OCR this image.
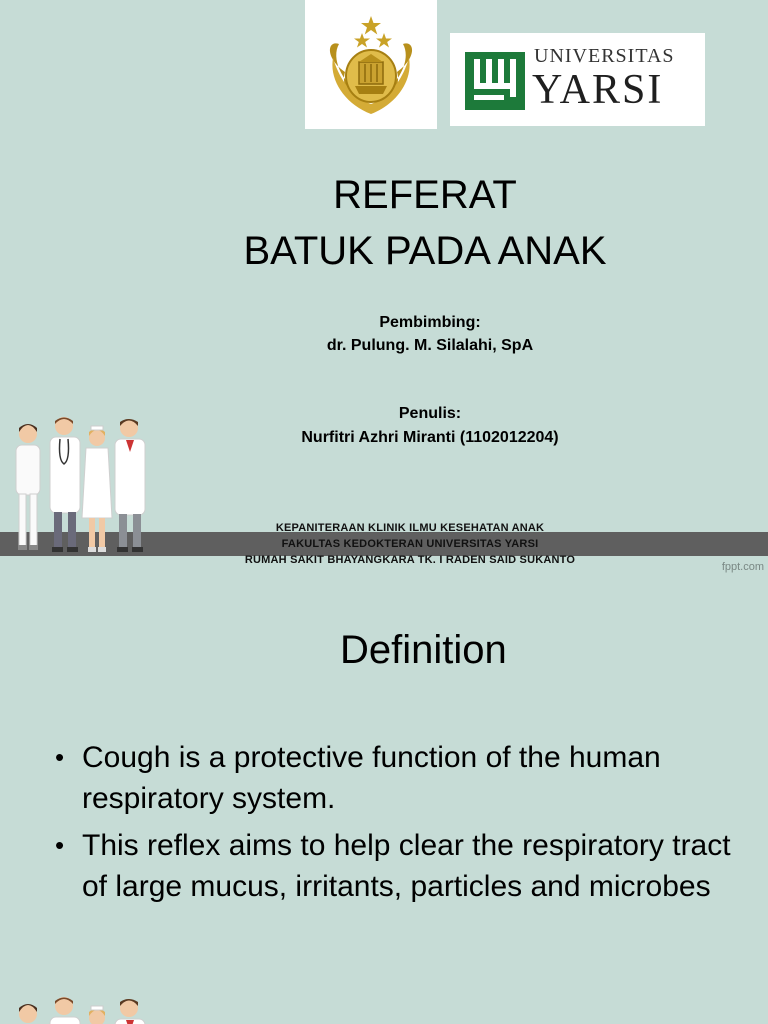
UNIVERSITAS
YARSI
REFERAT
BATUK PADA ANAK
Pembimbing:
dr. Pulung. M. Silalahi, SpA
Penulis:
Nurfitri Azhri Miranti (1102012204)
KEPANITERAAN KLINIK ILMU KESEHATAN ANAK
FAKULTAS KEDOKTERAN UNIVERSITAS YARSI
RUMAH SAKIT BHAYANGKARA TK. I RADEN SAID SUKANTO
fppt.com
Definition
• Cough is a protective function of the human respiratory system.
• This reflex aims to help clear the respiratory tract of large mucus, irritants, particles and microbes
